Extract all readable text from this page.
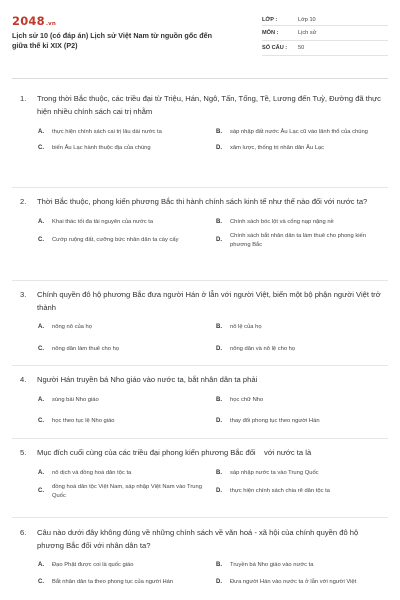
2048.vn
Lịch sử 10 (có đáp án) Lịch sử Việt Nam từ nguồn gốc đến giữa thế kỉ XIX (P2)
LỚP :	Lớp 10
MÔN :	Lịch sử
SỐ CÂU :	50
1.	Trong thời Bắc thuộc, các triều đại từ Triệu, Hán, Ngô, Tấn, Tống, Tề, Lương đến Tuỳ, Đường đã thực hiện nhiều chính sách cai trị nhằm
A.	thực hiện chính sách cai trị lâu dài nước ta	B.	sáp nhập đất nước Âu Lạc cũ vào lãnh thổ của chúng
C.	biến Âu Lạc hành thuộc địa của chúng	D.	xâm lược, thống trị nhân dân Âu Lạc
2.	Thời Bắc thuộc, phong kiến phương Bắc thi hành chính sách kinh tế như thế nào đối với nước ta?
A.	Khai thác tối đa tài nguyên của nước ta	B.	Chính sách bóc lột và cống nạp nặng nề
C.	Cướp ruộng đất, cưỡng bức nhân dân ta cày cấy	D.
Chính sách bắt nhân dân ta làm thuê cho phong kiến phương Bắc
3.	Chính quyền đô hộ phương Bắc đưa người Hán ở lẫn với người Việt, biến một bộ phận người Việt trở thành
A.	nông nô của họ	B.	nô lệ của họ
C.	nông dân làm thuê cho họ	D.	nông dân và nô lệ cho họ
4.	Người Hán truyền bá Nho giáo vào nước ta, bắt nhân dân ta phải
A.	sùng bái Nho giáo	B.	học chữ Nho
C.	học theo tục lệ Nho giáo	D.	thay đổi phong tục theo người Hán
5.	Mục đích cuối cùng của các triều đại phong kiến phương Bắc đối    với nước ta là
A.	nô dịch và đồng hoá dân tộc ta	B.	sáp nhập nước ta vào Trung Quốc
C.
đồng hoá dân tộc Việt Nam, sáp nhập Việt Nam vào Trung Quốc
D.	thực hiện chính sách chia rẽ dân tộc ta
6.	Câu nào dưới đây không đúng về những chính sách về văn hoá - xã hội của chính quyền đô hộ phương Bắc đối với nhân dân ta?
A.	Đạo Phật được coi là quốc giáo	B.	Truyền bá Nho giáo vào nước ta
C.	Bắt nhân dân ta theo phong tục của người Hán	D.	Đưa người Hán vào nước ta ở lẫn với người Việt
